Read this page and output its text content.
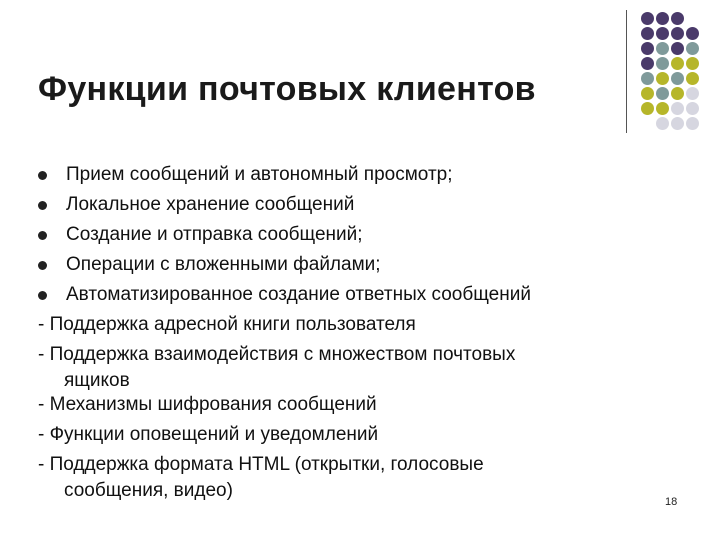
Функции почтовых клиентов
Прием сообщений и автономный просмотр;
Локальное хранение сообщений
Создание и отправка сообщений;
Операции с вложенными файлами;
Автоматизированное создание ответных сообщений
- Поддержка адресной книги пользователя
- Поддержка взаимодействия с множеством почтовых
ящиков
- Механизмы шифрования сообщений
- Функции оповещений и уведомлений
- Поддержка формата HTML (открытки, голосовые
сообщения, видео)
18
